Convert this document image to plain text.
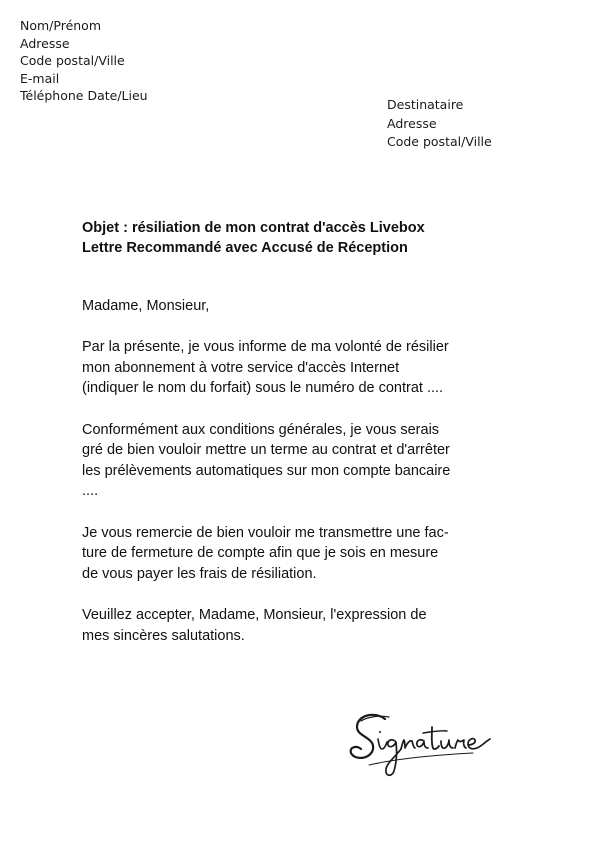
Nom/Prénom
Adresse
Code postal/Ville
E-mail
Téléphone Date/Lieu
Destinataire
Adresse
Code postal/Ville
Objet : résiliation de mon contrat d'accès Livebox
Lettre Recommandé avec Accusé de Réception

Madame, Monsieur,

Par la présente, je vous informe de ma volonté de résilier
mon abonnement à votre service d'accès Internet
(indiquer le nom du forfait) sous le numéro de contrat ....

Conformément aux conditions générales, je vous serais
gré de bien vouloir mettre un terme au contrat et d'arrêter
les prélèvements automatiques sur mon compte bancaire
....

Je vous remercie de bien vouloir me transmettre une fac-
ture de fermeture de compte afin que je sois en mesure
de vous payer les frais de résiliation.

Veuillez accepter, Madame, Monsieur, l'expression de
mes sincères salutations.
